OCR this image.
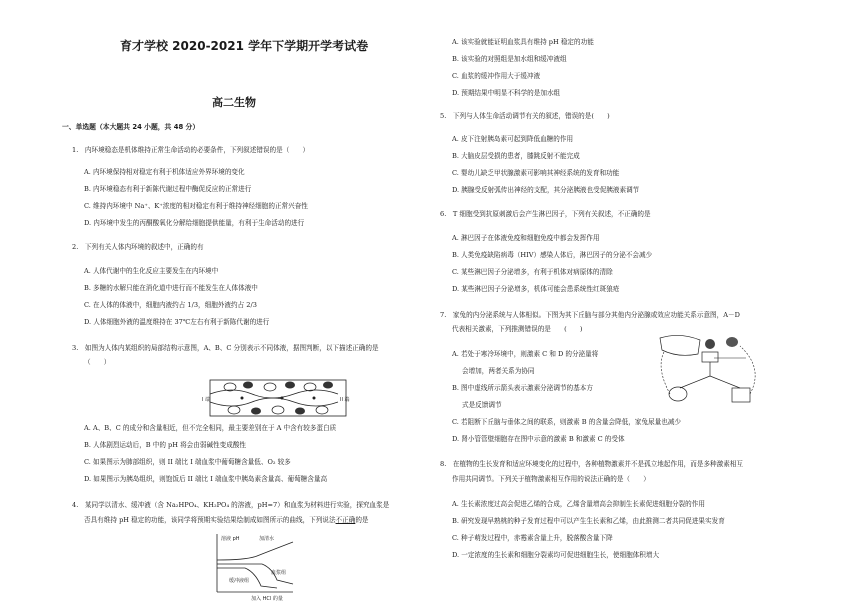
育才学校 2020-2021 学年下学期开学考试卷
高二生物
一、单选题（本大题共 24 小题，共 48 分）
1.　内环境稳态是机体维持正常生命活动的必要条件，下列叙述错误的是（　　）
A. 内环境保持相对稳定有利于机体适应外界环境的变化
B. 内环境稳态有利于新陈代谢过程中酶促反应的正常进行
C. 维持内环境中 Na⁺、K⁺浓度的相对稳定有利于维持神经细胞的正常兴奋性
D. 内环境中发生的丙酮酸氧化分解给细胞提供能量，有利于生命活动的进行
2.　下列有关人体内环境的叙述中，正确的有
A. 人体代谢中的生化反应主要发生在内环境中
B. 多糖的水解只能在消化道中进行而不能发生在人体体液中
C. 在人体的体液中，细胞内液约占 1/3，细胞外液约占 2/3
D. 人体细胞外液的温度维持在 37℃左右有利于新陈代谢的进行
3.　如图为人体内某组织的局部结构示意图，A、B、C 分别表示不同体液，据图判断，以下描述正确的是
（　　）
I 端	II 端
A. A、B、C 的成分和含量相近，但不完全相同，最主要差别在于 A 中含有较多蛋白质
B. 人体剧烈运动后，B 中的 pH 将会由弱碱性变成酸性
C. 如果图示为肺部组织，则 II 端比 I 端血浆中葡萄糖含量低、O₂ 较多
D. 如果图示为胰岛组织，则饱饭后 II 端比 I 端血浆中胰岛素含量高、葡萄糖含量高
4.　某同学以清水、缓冲液（含 Na₂HPO₄、KH₂PO₄ 的溶液，pH=7）和血浆为材料进行实验，探究血浆是
否具有维持 pH 稳定的功能，该同学将预期实验结果绘制成如图所示的曲线，下列说法不正确的是
溶液 pH	加清水
血浆组
缓冲液组
加入 HCl 的量
A. 该实验就能证明血浆具有维持 pH 稳定的功能
B. 该实验的对照组是加水组和缓冲液组
C. 血浆的缓冲作用大于缓冲液
D. 预期结果中明显不科学的是加水组
5.　下列与人体生命活动调节有关的叙述，错误的是(　　)
A. 皮下注射胰岛素可起到降低血糖的作用
B. 大脑皮层受损的患者，膝跳反射不能完成
C. 婴幼儿缺乏甲状腺激素可影响其神经系统的发育和功能
D. 胰腺受反射弧传出神经的支配，其分泌胰液也受促胰液素调节
6.　T 细胞受到抗原刺激后会产生淋巴因子，下列有关叙述，不正确的是
A. 淋巴因子在体液免疫和细胞免疫中都会发挥作用
B. 人类免疫缺陷病毒（HIV）感染人体后，淋巴因子的分泌不会减少
C. 某些淋巴因子分泌增多，有利于机体对病原体的清除
D. 某些淋巴因子分泌增多，机体可能会患系统性红斑狼疮
7.　家兔的内分泌系统与人体相似。下图为其下丘脑与部分其他内分泌腺或效应功能关系示意图，A－D
代表相关激素，下列推测错误的是　　(　　)
A. 若处于寒冷环境中，则激素 C 和 D 的分泌量将
会增加，两者关系为协同
B. 图中虚线所示箭头表示激素分泌调节的基本方
式是反馈调节
C. 若阻断下丘脑与垂体之间的联系，则激素 B 的含量会降低，家兔尿量也减少
D. 肾小管管壁细胞存在图中示意的激素 B 和激素 C 的受体
8.　在植物的生长发育和适应环境变化的过程中，各种植物激素并不是孤立地起作用，而是多种激素相互
作用共同调节。下列关于植物激素相互作用的说法正确的是（　　）
A. 生长素浓度过高会促进乙烯的合成，乙烯含量增高会抑制生长素促进细胞分裂的作用
B. 研究发现早熟桃的种子发育过程中可以产生生长素和乙烯，由此推测二者共同促进果实发育
C. 种子萌发过程中，赤霉素含量上升，脱落酸含量下降
D. 一定浓度的生长素和细胞分裂素均可促进细胞生长，使细胞体积增大
